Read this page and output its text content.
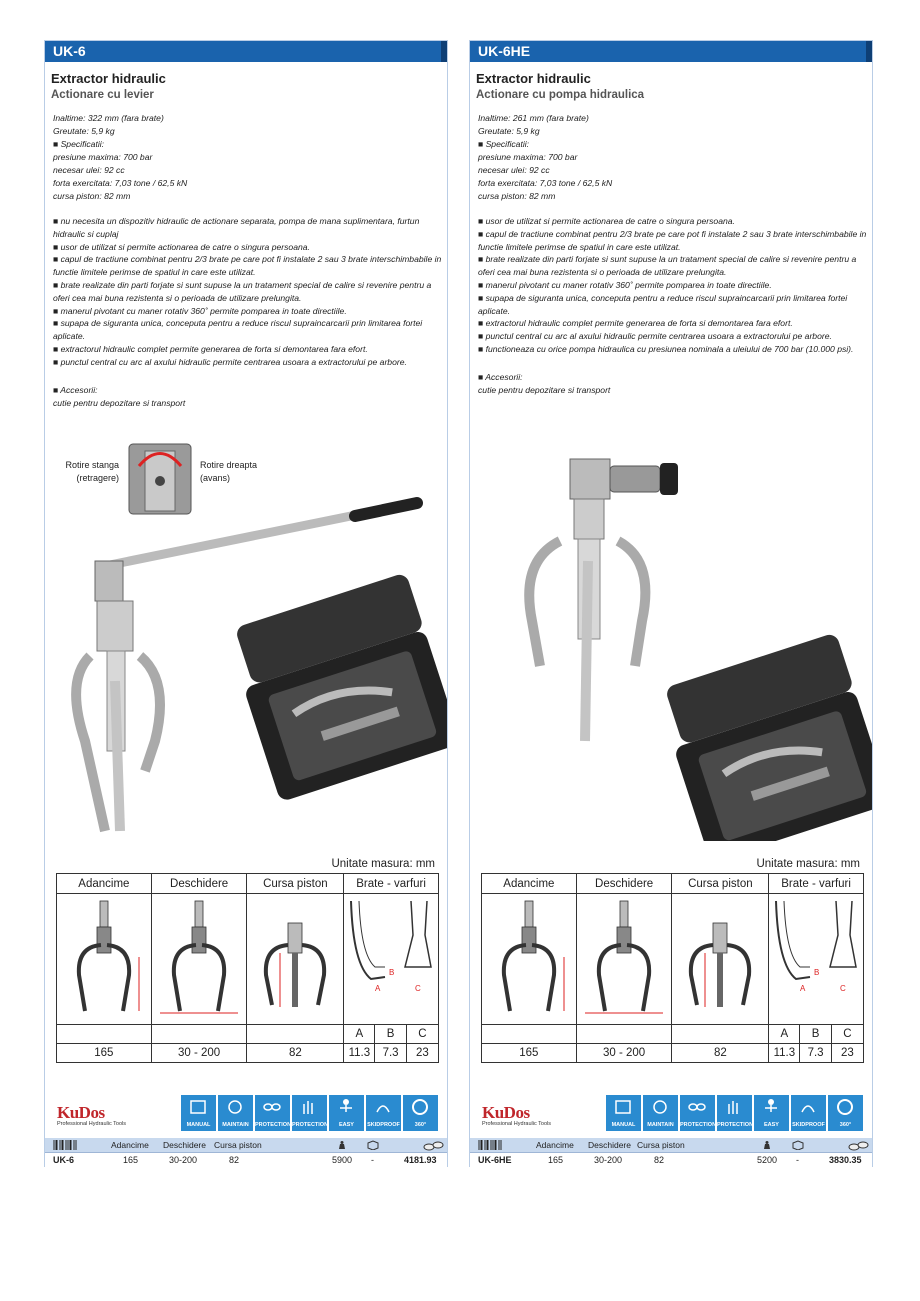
UK-6
Extractor hidraulic
Actionare cu levier
Inaltime: 322 mm (fara brate)
Greutate: 5,9 kg
■ Specificatii:
presiune maxima: 700 bar
necesar ulei: 92 cc
forta exercitata: 7,03 tone / 62,5 kN
cursa piston: 82 mm
■ nu necesita un dispozitiv hidraulic de actionare separata, pompa de mana suplimentara, furtun hidraulic si cuplaj
■ usor de utilizat si permite actionarea de catre o singura persoana.
■ capul de tractiune combinat pentru 2/3 brate pe care pot fi instalate 2 sau 3 brate interschimbabile in functie limitele perimse de spatiul in care este utilizat.
■ brate realizate din parti forjate si sunt supuse la un tratament special de calire si revenire pentru a oferi cea mai buna rezistenta si o perioada de utilizare prelungita.
■ manerul pivotant cu maner rotativ 360˚ permite pomparea in toate directiile.
■ supapa de siguranta unica, conceputa pentru a reduce riscul supraincarcarii prin limitarea fortei aplicate.
■ extractorul hidraulic complet permite generarea de forta si demontarea fara efort.
■ punctul central cu arc al axului hidraulic permite centrarea usoara a extractorului pe arbore.
■ Accesorii:
cutie pentru depozitare si transport
Rotire stanga
(retragere)
Rotire dreapta
(avans)
Unitate masura: mm
Adancime	Deschidere	Cursa piston	Brate - varfuri		

A
B
C		

			A	B	C
165	30 - 200	82	11.3	7.3	23
KuDos
Professional Hydraulic Tools	MANUAL	MAINTAIN	PROTECTION PROTECTION	EASY	SKIDPROOF	360°
Adancime Deschidere Cursa piston
UK-6	165	30-200	82	5900 -	4181.93
UK-6HE
Extractor hidraulic
Actionare cu pompa hidraulica
Inaltime: 261 mm (fara brate)
Greutate: 5,9 kg
■ Specificatii:
presiune maxima: 700 bar
necesar ulei: 92 cc
forta exercitata: 7,03 tone / 62,5 kN
cursa piston: 82 mm
■ usor de utilizat si permite actionarea de catre o singura persoana.
■ capul de tractiune combinat pentru 2/3 brate pe care pot fi instalate 2 sau 3 brate interschimbabile in functie limitele perimse de spatiul in care este utilizat.
■ brate realizate din parti forjate si sunt supuse la un tratament special de calire si revenire pentru a oferi cea mai buna rezistenta si o perioada de utilizare prelungita.
■ manerul pivotant cu maner rotativ 360˚ permite pomparea in toate directiile.
■ supapa de siguranta unica, conceputa pentru a reduce riscul supraincarcarii prin limitarea fortei aplicate.
■ extractorul hidraulic complet permite generarea de forta si demontarea fara efort.
■ punctul central cu arc al axului hidraulic permite centrarea usoara a extractorului pe arbore.
■ functioneaza cu orice pompa hidraulica cu presiunea nominala a uleiului de 700 bar (10.000 psi).
■ Accesorii:
cutie pentru depozitare si transport
Unitate masura: mm
Adancime	Deschidere	Cursa piston	Brate - varfuri		

A
B
C		

			A	B	C
165	30 - 200	82	11.3	7.3	23
KuDos
Professional Hydraulic Tools	MANUAL	MAINTAIN	PROTECTION PROTECTION	EASY	SKIDPROOF	360°
Adancime Deschidere Cursa piston
UK-6HE	165	30-200	82	5200 -	3830.35
